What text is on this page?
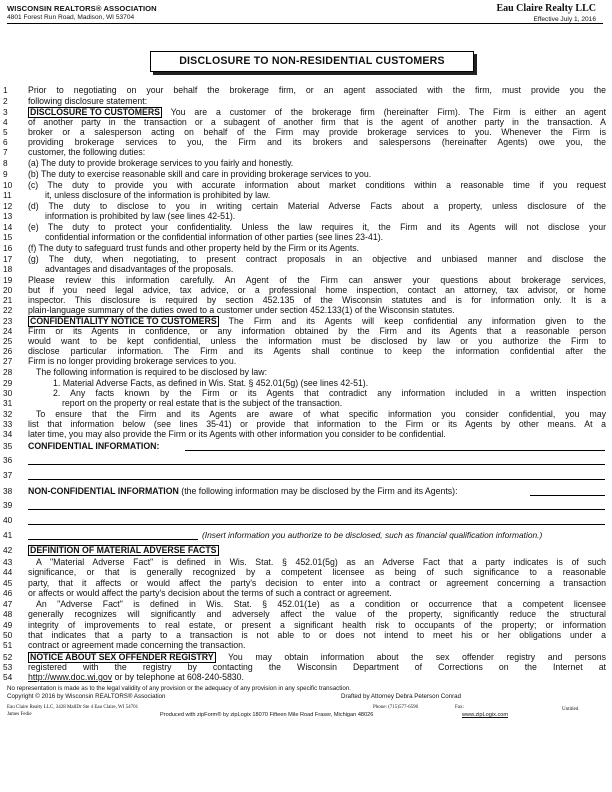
WISCONSIN REALTORS® ASSOCIATION
4801 Forest Run Road, Madison, WI 53704
Eau Claire Realty LLC
Effective July 1, 2016
DISCLOSURE TO NON-RESIDENTIAL CUSTOMERS
1 Prior to negotiating on your behalf the brokerage firm, or an agent associated with the firm, must provide you the
2 following disclosure statement:
3	DISCLOSURE TO CUSTOMERS You are a customer of the brokerage firm (hereinafter Firm). The Firm is either an agent
4 of another party in the transaction or a subagent of another firm that is the agent of another party in the transaction. A
5 broker or a salesperson acting on behalf of the Firm may provide brokerage services to you. Whenever the Firm is
6 providing brokerage services to you, the Firm and its brokers and salespersons (hereinafter Agents) owe you, the
7 customer, the following duties:
8 (a) The duty to provide brokerage services to you fairly and honestly.
9 (b) The duty to exercise reasonable skill and care in providing brokerage services to you.
10 (c) The duty to provide you with accurate information about market conditions within a reasonable time if you request
11	it, unless disclosure of the information is prohibited by law.
12 (d) The duty to disclose to you in writing certain Material Adverse Facts about a property, unless disclosure of the
13	information is prohibited by law (see lines 42-51).
14 (e) The duty to protect your confidentiality. Unless the law requires it, the Firm and its Agents will not disclose your
15	confidential information or the confidential information of other parties (see lines 23-41).
16 (f) The duty to safeguard trust funds and other property held by the Firm or its Agents.
17 (g) The duty, when negotiating, to present contract proposals in an objective and unbiased manner and disclose the
18	advantages and disadvantages of the proposals.
19 Please review this information carefully. An Agent of the Firm can answer your questions about brokerage services,
20 but if you need legal advice, tax advice, or a professional home inspection, contact an attorney, tax advisor, or home
21 inspector. This disclosure is required by section 452.135 of the Wisconsin statutes and is for information only. It is a
22 plain-language summary of the duties owed to a customer under section 452.133(1) of the Wisconsin statutes.
23 CONFIDENTIALITY NOTICE TO CUSTOMERS The Firm and its Agents will keep confidential any information given to the
24 Firm or its Agents in confidence, or any information obtained by the Firm and its Agents that a reasonable person
25 would want to be kept confidential, unless the information must be disclosed by law or you authorize the Firm to
26 disclose particular information. The Firm and its Agents shall continue to keep the information confidential after the
27 Firm is no longer providing brokerage services to you.
28	The following information is required to be disclosed by law:
29	1. Material Adverse Facts, as defined in Wis. Stat. § 452.01(5g) (see lines 42-51).
30	2. Any facts known by the Firm or its Agents that contradict any information included in a written inspection
31	report on the property or real estate that is the subject of the transaction.
32	To ensure that the Firm and its Agents are aware of what specific information you consider confidential, you may
33 list that information below (see lines 35-41) or provide that information to the Firm or its Agents by other means. At a
34 later time, you may also provide the Firm or its Agents with other information you consider to be confidential.
35 CONFIDENTIAL INFORMATION:
36
37
38 NON-CONFIDENTIAL INFORMATION (the following information may be disclosed by the Firm and its Agents):
39
40
41	(Insert information you authorize to be disclosed, such as financial qualification information.)
42 DEFINITION OF MATERIAL ADVERSE FACTS
43	A "Material Adverse Fact" is defined in Wis. Stat. § 452.01(5g) as an Adverse Fact that a party indicates is of such
44 significance, or that is generally recognized by a competent licensee as being of such significance to a reasonable
45 party, that it affects or would affect the party's decision to enter into a contract or agreement concerning a transaction
46 or affects or would affect the party's decision about the terms of such a contract or agreement.
47	An "Adverse Fact" is defined in Wis. Stat. § 452.01(1e) as a condition or occurrence that a competent licensee
48 generally recognizes will significantly and adversely affect the value of the property, significantly reduce the structural
49 integrity of improvements to real estate, or present a significant health risk to occupants of the property; or information
50 that indicates that a party to a transaction is not able to or does not intend to meet his or her obligations under a
51 contract or agreement made concerning the transaction.
52 NOTICE ABOUT SEX OFFENDER REGISTRY You may obtain information about the sex offender registry and persons
53 registered with the registry by contacting the Wisconsin Department of Corrections on the Internet at
54 http://www.doc.wi.gov or by telephone at 608-240-5830.
No representation is made as to the legal validity of any provision or the adequacy of any provision in any specific transaction.
Copyright © 2016 by Wisconsin REALTORS® Association	Drafted by Attorney Debra Peterson Conrad
Eau Claire Realty LLC, 3428 MallDr Ste 4 Eau Claire, WI 54701
James Fedie
Phone: (715)577-6596	Fax:	Untitled
Produced with zipForm® by zipLogix 18070 Fifteen Mile Road Fraser, Michigan 48026	www.zipLogix.com
